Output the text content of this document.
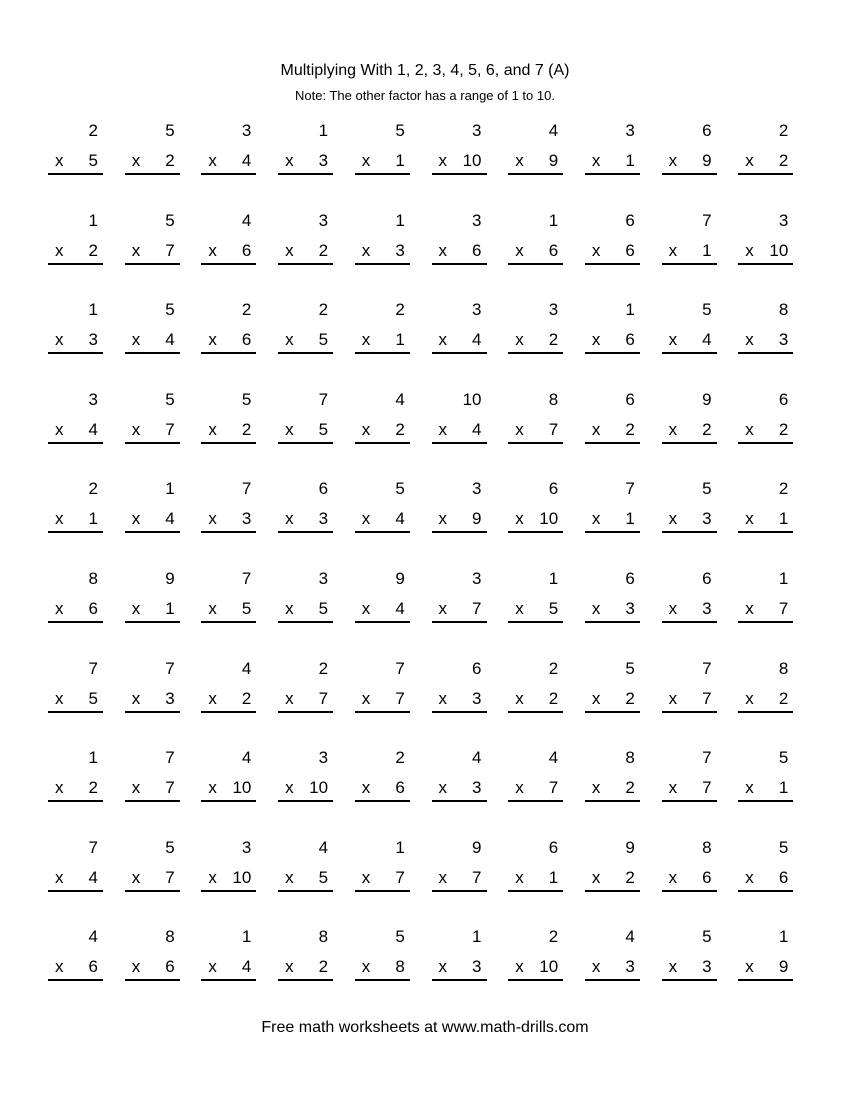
Multiplying With 1, 2, 3, 4, 5, 6, and 7 (A)
Note: The other factor has a range of 1 to 10.
2
x 5
5
x 2
3
x 4
1
x 3
5
x 1
3
x 10
4
x 9
3
x 1
6
x 9
2
x 2
1
x 2
5
x 7
4
x 6
3
x 2
1
x 3
3
x 6
1
x 6
6
x 6
7
x 1
3
x 10
1
x 3
5
x 4
2
x 6
2
x 5
2
x 1
3
x 4
3
x 2
1
x 6
5
x 4
8
x 3
3
x 4
5
x 7
5
x 2
7
x 5
4
x 2
10
x 4
8
x 7
6
x 2
9
x 2
6
x 2
2
x 1
1
x 4
7
x 3
6
x 3
5
x 4
3
x 9
6
x 10
7
x 1
5
x 3
2
x 1
8
x 6
9
x 1
7
x 5
3
x 5
9
x 4
3
x 7
1
x 5
6
x 3
6
x 3
1
x 7
7
x 5
7
x 3
4
x 2
2
x 7
7
x 7
6
x 3
2
x 2
5
x 2
7
x 7
8
x 2
1
x 2
7
x 7
4
x 10
3
x 10
2
x 6
4
x 3
4
x 7
8
x 2
7
x 7
5
x 1
7
x 4
5
x 7
3
x 10
4
x 5
1
x 7
9
x 7
6
x 1
9
x 2
8
x 6
5
x 6
4
x 6
8
x 6
1
x 4
8
x 2
5
x 8
1
x 3
2
x 10
4
x 3
5
x 3
1
x 9
Free math worksheets at www.math-drills.com
